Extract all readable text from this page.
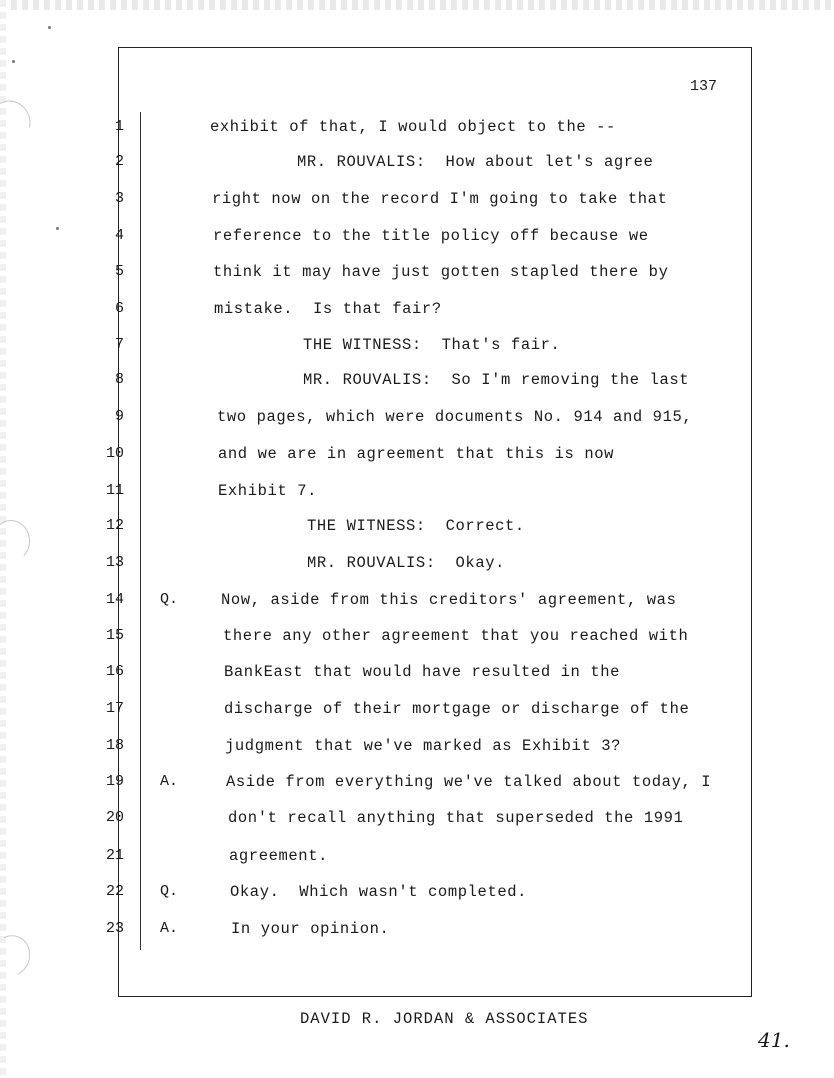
137
1	exhibit of that, I would object to the --
2	MR. ROUVALIS:  How about let's agree
3	right now on the record I'm going to take that
4	reference to the title policy off because we
5	think it may have just gotten stapled there by
6	mistake.  Is that fair?
7	THE WITNESS:  That's fair.
8	MR. ROUVALIS:  So I'm removing the last
9	two pages, which were documents No. 914 and 915,
10	and we are in agreement that this is now
11	Exhibit 7.
12	THE WITNESS:  Correct.
13	MR. ROUVALIS:  Okay.
14 Q.	Now, aside from this creditors' agreement, was
15	there any other agreement that you reached with
16	BankEast that would have resulted in the
17	discharge of their mortgage or discharge of the
18	judgment that we've marked as Exhibit 3?
19 A.	Aside from everything we've talked about today, I
20	don't recall anything that superseded the 1991
21	agreement.
22 Q.	Okay.  Which wasn't completed.
23 A.	In your opinion.
DAVID R. JORDAN & ASSOCIATES
41.
